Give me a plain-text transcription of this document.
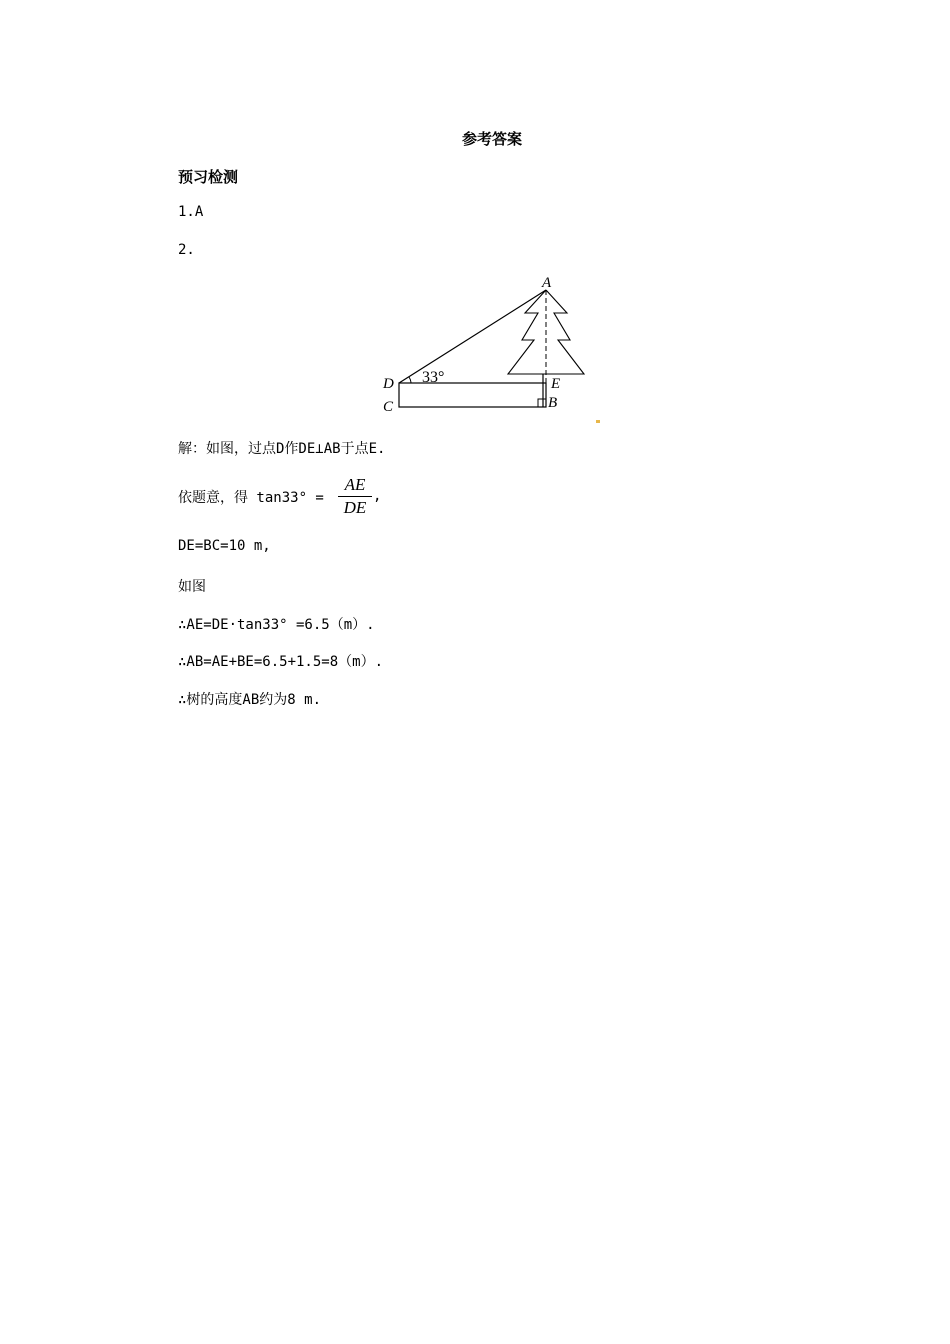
参考答案
预习检测
1.A
2.
33°
A
D	E
C	B
解：如图，过点D作DE⊥AB于点E.
依题意，得 tan33° =
AE
DE
,
DE=BC=10 m,
如图
∴AE=DE·tan33° =6.5（m）.
∴AB=AE+BE=6.5+1.5=8（m）.
∴树的高度AB约为8 m.
